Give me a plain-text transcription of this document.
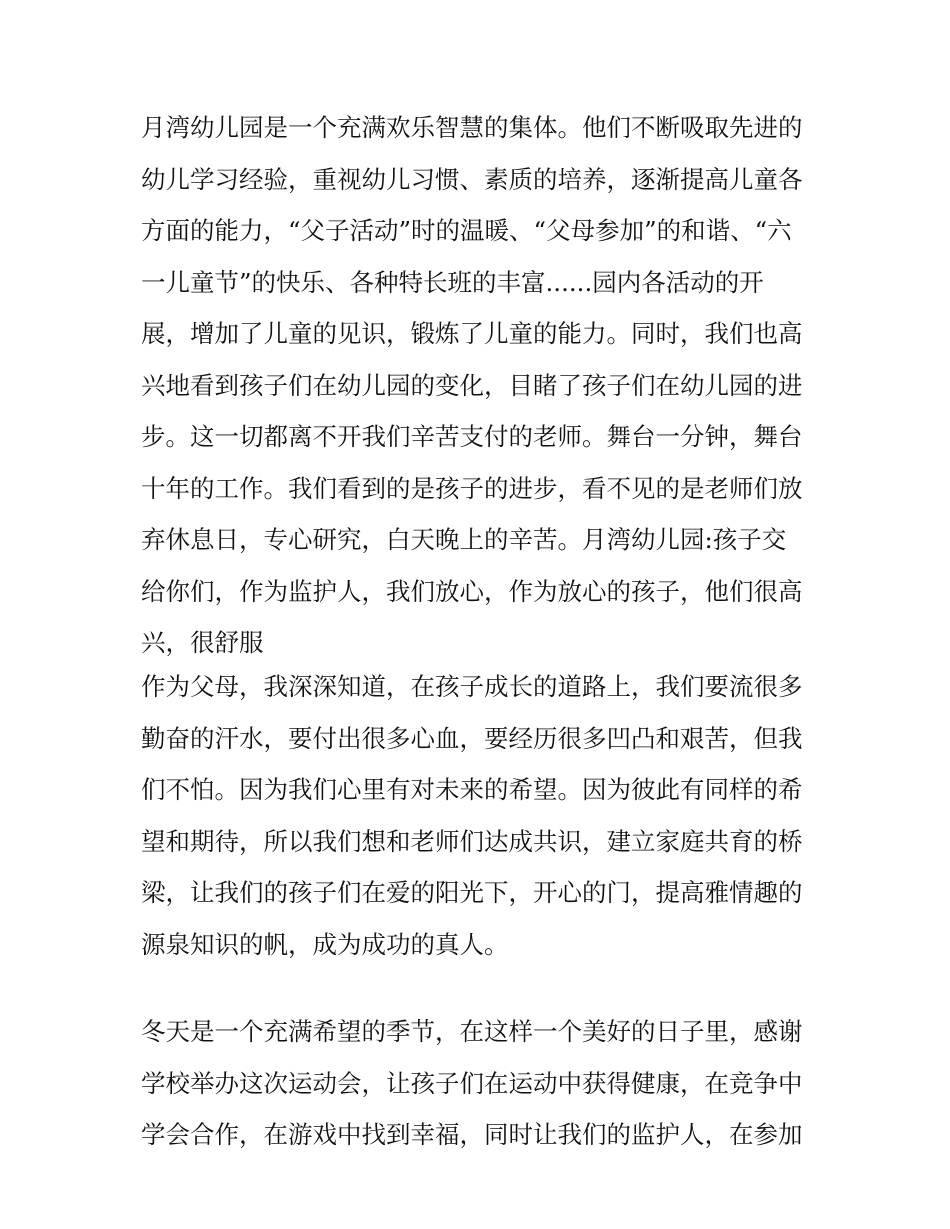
月湾幼儿园是一个充满欢乐智慧的集体。他们不断吸取先进的
幼儿学习经验，重视幼儿习惯、素质的培养，逐渐提高儿童各
方面的能力，“父子活动”时的温暖、“父母参加”的和谐、“六
一儿童节”的快乐、各种特长班的丰富......园内各活动的开
展，增加了儿童的见识，锻炼了儿童的能力。同时，我们也高
兴地看到孩子们在幼儿园的变化，目睹了孩子们在幼儿园的进
步。这一切都离不开我们辛苦支付的老师。舞台一分钟，舞台
十年的工作。我们看到的是孩子的进步，看不见的是老师们放
弃休息日，专心研究，白天晚上的辛苦。月湾幼儿园:孩子交
给你们，作为监护人，我们放心，作为放心的孩子，他们很高
兴，很舒服
作为父母，我深深知道，在孩子成长的道路上，我们要流很多
勤奋的汗水，要付出很多心血，要经历很多凹凸和艰苦，但我
们不怕。因为我们心里有对未来的希望。因为彼此有同样的希
望和期待，所以我们想和老师们达成共识，建立家庭共育的桥
梁，让我们的孩子们在爱的阳光下，开心的门，提高雅情趣的
源泉知识的帆，成为成功的真人。
冬天是一个充满希望的季节，在这样一个美好的日子里，感谢
学校举办这次运动会，让孩子们在运动中获得健康，在竞争中
学会合作，在游戏中找到幸福，同时让我们的监护人，在参加
